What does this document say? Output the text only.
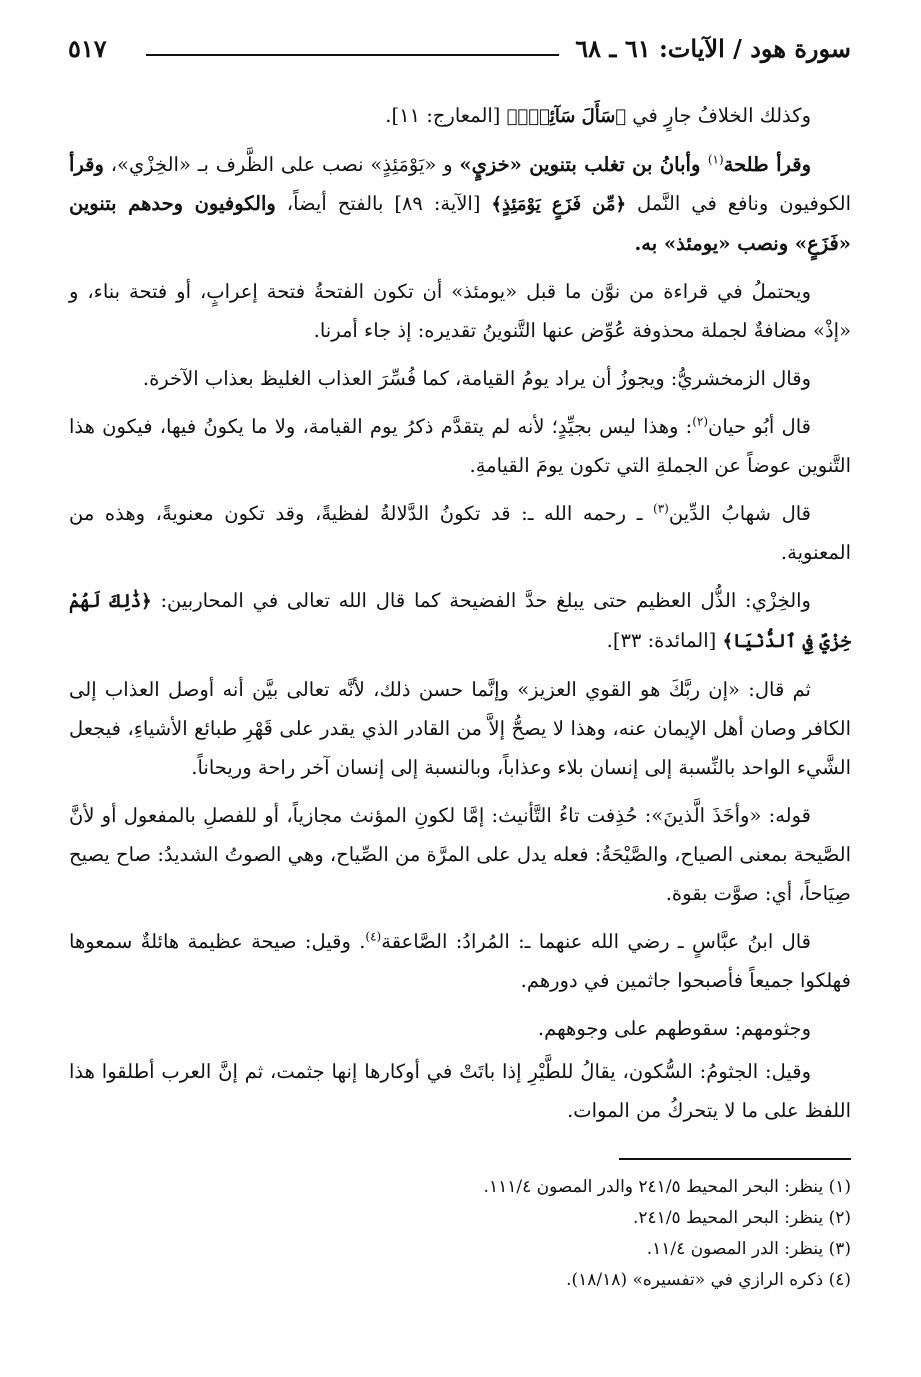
سورة هود / الآيات: ٦١ ـ ٦٨
٥١٧

وكذلك الخلافُ جارٍ في ﴿سَأَلَ سَآئِلُۢ﴾ [المعارج: ١١].

وقرأ طلحة$^{(١)}$ وأبانُ بن تغلب بتنوين «خزيٍ» و «يَوْمَئِذٍ» نصب على الظَّرف بـ «الخِزْي»، وقرأ الكوفيون ونافع في النَّمل ﴿مِّن فَزَعٍ يَوْمَئِذٍ﴾ [الآية: ٨٩] بالفتح أيضاً، والكوفيون وحدهم بتنوين «فَزَعٍ» ونصب «يومئذ» به.

ويحتملُ في قراءة من نوَّن ما قبل «يومئذ» أن تكون الفتحةُ فتحة إعرابٍ، أو فتحة بناء، و «إذْ» مضافةٌ لجملة محذوفة عُوِّض عنها التَّنوينُ تقديره: إذ جاء أمرنا.

وقال الزمخشريُّ: ويجوزُ أن يراد يومُ القيامة، كما فُسِّرَ العذاب الغليظ بعذاب الآخرة.

قال أبُو حيان$^{(٢)}$: وهذا ليس بجيِّدٍ؛ لأنه لم يتقدَّم ذكرُ يوم القيامة، ولا ما يكونُ فيها، فيكون هذا التَّنوين عوضاً عن الجملةِ التي تكون يومَ القيامةِ.

قال شهابُ الدِّين$^{(٣)}$ ـ رحمه الله ـ: قد تكونُ الدَّلالةُ لفظيةً، وقد تكون معنويةً، وهذه من المعنوية.

والخِزْي: الذُّل العظيم حتى يبلغ حدَّ الفضيحة كما قال الله تعالى في المحاربين: ﴿ذَٰلِكَ لَهُمْ خِزْيٌ فِي ٱلدُّنْيَا﴾ [المائدة: ٣٣].

ثم قال: «إن ربَّكَ هو القوي العزيز» وإنَّما حسن ذلك، لأنَّه تعالى بيَّن أنه أوصل العذاب إلى الكافر وصان أهل الإيمان عنه، وهذا لا يصحُّ إلاَّ من القادر الذي يقدر على قَهْرِ طبائع الأشياءِ، فيجعل الشَّيء الواحد بالنِّسبة إلى إنسان بلاء وعذاباً، وبالنسبة إلى إنسان آخر راحة وريحاناً.

قوله: «وأخَذَ الَّذينَ»: حُذِفت تاءُ التَّأنيث: إمَّا لكونِ المؤنث مجازياً، أو للفصلِ بالمفعول أو لأنَّ الصَّيحة بمعنى الصياح، والصَّيْحَةُ: فعله يدل على المرَّة من الصِّياح، وهي الصوتُ الشديدُ: صاح يصيح صِيَاحاً، أي: صوَّت بقوة.

قال ابنُ عبَّاسٍ ـ رضي الله عنهما ـ: المُرادُ: الصَّاعقة$^{(٤)}$. وقيل: صيحة عظيمة هائلةٌ سمعوها فهلكوا جميعاً فأصبحوا جاثمين في دورهم.

وجثومهم: سقوطهم على وجوههم.

وقيل: الجثومُ: السُّكون، يقالُ للطَّيْرِ إذا باتَتْ في أوكارها إنها جثمت، ثم إنَّ العرب أطلقوا هذا اللفظ على ما لا يتحركُ من الموات.

(١) ينظر: البحر المحيط ٢٤١/٥ والدر المصون ١١١/٤.
(٢) ينظر: البحر المحيط ٢٤١/٥.
(٣) ينظر: الدر المصون ١١/٤.
(٤) ذكره الرازي في «تفسيره» (١٨/١٨).
